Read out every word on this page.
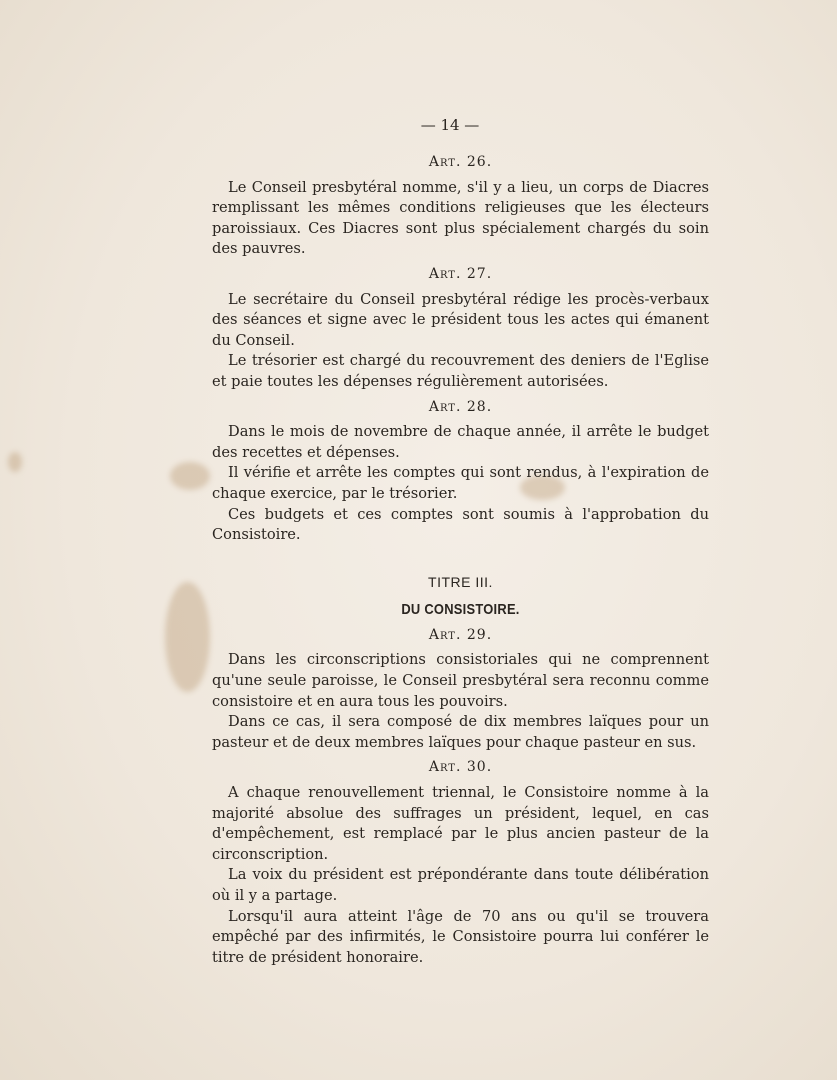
— 14 —
Art. 26.

Le Conseil presbytéral nomme, s'il y a lieu, un corps de Diacres remplissant les mêmes conditions religieuses que les électeurs paroissiaux. Ces Diacres sont plus spécialement chargés du soin des pauvres.

Art. 27.

Le secrétaire du Conseil presbytéral rédige les procès-verbaux des séances et signe avec le président tous les actes qui émanent du Conseil.

Le trésorier est chargé du recouvrement des deniers de l'Eglise et paie toutes les dépenses régulièrement autorisées.

Art. 28.

Dans le mois de novembre de chaque année, il arrête le budget des recettes et dépenses.

Il vérifie et arrête les comptes qui sont rendus, à l'expiration de chaque exercice, par le trésorier.

Ces budgets et ces comptes sont soumis à l'approbation du Consistoire.

TITRE III.
DU CONSISTOIRE.
Art. 29.

Dans les circonscriptions consistoriales qui ne comprennent qu'une seule paroisse, le Conseil presbytéral sera reconnu comme consistoire et en aura tous les pouvoirs.

Dans ce cas, il sera composé de dix membres laïques pour un pasteur et de deux membres laïques pour chaque pasteur en sus.

Art. 30.

A chaque renouvellement triennal, le Consistoire nomme à la majorité absolue des suffrages un président, lequel, en cas d'empêchement, est remplacé par le plus ancien pasteur de la circonscription.

La voix du président est prépondérante dans toute délibération où il y a partage.

Lorsqu'il aura atteint l'âge de 70 ans ou qu'il se trouvera empêché par des infirmités, le Consistoire pourra lui conférer le titre de président honoraire.
